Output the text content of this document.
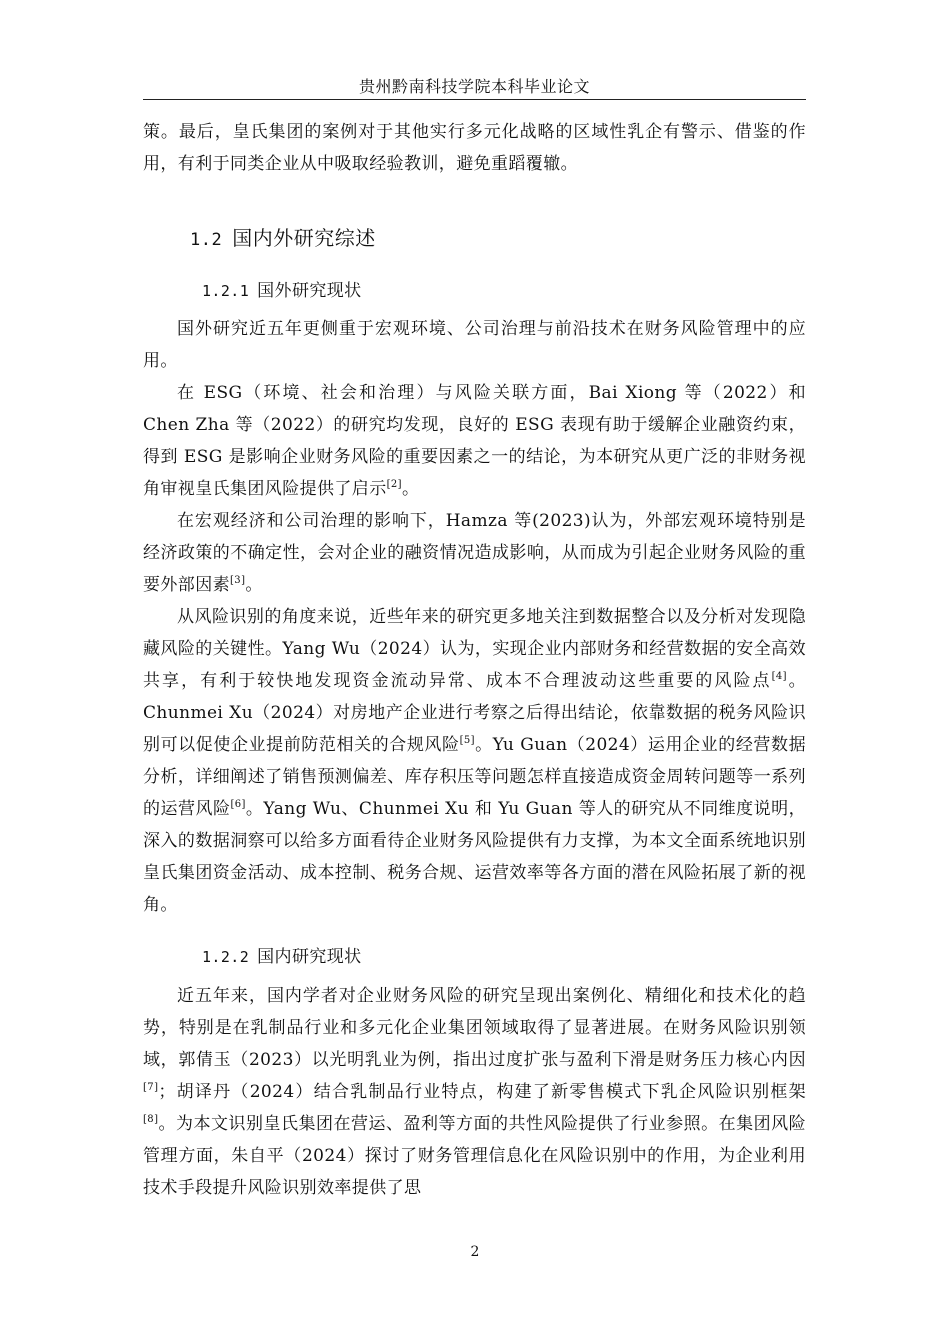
贵州黔南科技学院本科毕业论文

策。最后，皇氏集团的案例对于其他实行多元化战略的区域性乳企有警示、借鉴的作用，有利于同类企业从中吸取经验教训，避免重蹈覆辙。

1.2 国内外研究综述
1.2.1 国外研究现状

国外研究近五年更侧重于宏观环境、公司治理与前沿技术在财务风险管理中的应用。

在 ESG（环境、社会和治理）与风险关联方面，Bai Xiong 等（2022）和 Chen Zha 等（2022）的研究均发现，良好的 ESG 表现有助于缓解企业融资约束，得到 ESG 是影响企业财务风险的重要因素之一的结论，为本研究从更广泛的非财务视角审视皇氏集团风险提供了启示[2]。

在宏观经济和公司治理的影响下，Hamza 等(2023)认为，外部宏观环境特别是经济政策的不确定性，会对企业的融资情况造成影响，从而成为引起企业财务风险的重要外部因素[3]。

从风险识别的角度来说，近些年来的研究更多地关注到数据整合以及分析对发现隐藏风险的关键性。Yang Wu（2024）认为，实现企业内部财务和经营数据的安全高效共享，有利于较快地发现资金流动异常、成本不合理波动这些重要的风险点[4]。Chunmei Xu（2024）对房地产企业进行考察之后得出结论，依靠数据的税务风险识别可以促使企业提前防范相关的合规风险[5]。Yu Guan（2024）运用企业的经营数据分析，详细阐述了销售预测偏差、库存积压等问题怎样直接造成资金周转问题等一系列的运营风险[6]。Yang Wu、Chunmei Xu 和 Yu Guan 等人的研究从不同维度说明，深入的数据洞察可以给多方面看待企业财务风险提供有力支撑，为本文全面系统地识别皇氏集团资金活动、成本控制、税务合规、运营效率等各方面的潜在风险拓展了新的视角。

1.2.2 国内研究现状

近五年来，国内学者对企业财务风险的研究呈现出案例化、精细化和技术化的趋势，特别是在乳制品行业和多元化企业集团领域取得了显著进展。在财务风险识别领域，郭倩玉（2023）以光明乳业为例，指出过度扩张与盈利下滑是财务压力核心内因[7]；胡译丹（2024）结合乳制品行业特点，构建了新零售模式下乳企风险识别框架[8]。为本文识别皇氏集团在营运、盈利等方面的共性风险提供了行业参照。在集团风险管理方面，朱自平（2024）探讨了财务管理信息化在风险识别中的作用，为企业利用技术手段提升风险识别效率提供了思

2
